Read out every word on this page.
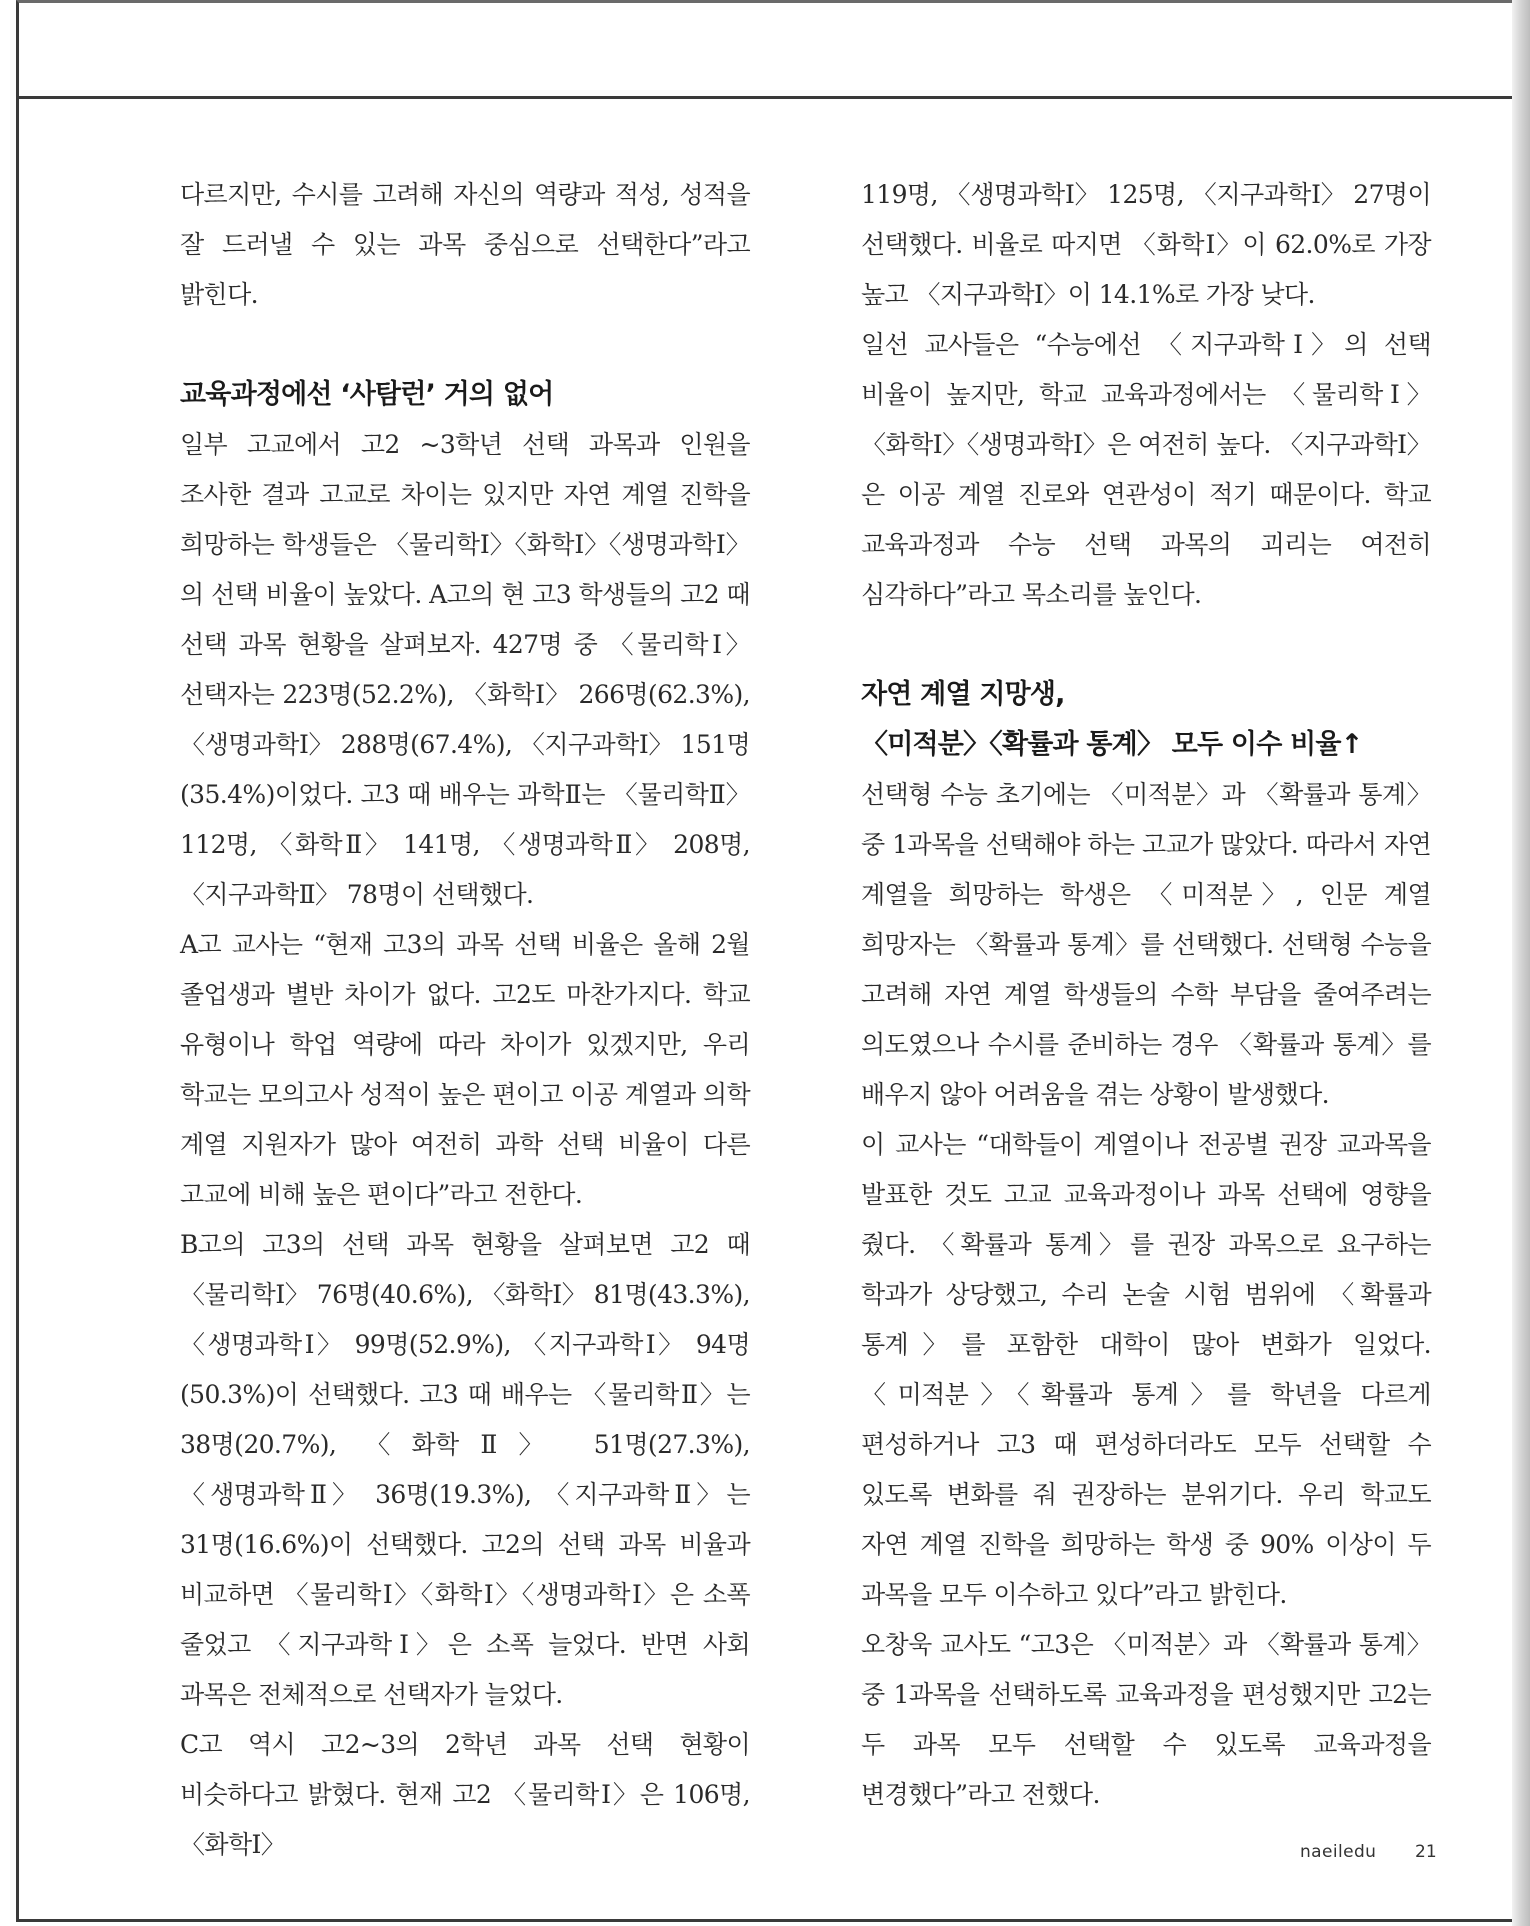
다르지만, 수시를 고려해 자신의 역량과 적성, 성적을 잘 드러낼 수 있는 과목 중심으로 선택한다”라고 밝힌다.

교육과정에선 ‘사탐런’ 거의 없어

일부 고교에서 고2 ~3학년 선택 과목과 인원을 조사한 결과 고교로 차이는 있지만 자연 계열 진학을 희망하는 학생들은 〈물리학Ⅰ〉〈화학Ⅰ〉〈생명과학Ⅰ〉의 선택 비율이 높았다. A고의 현 고3 학생들의 고2 때 선택 과목 현황을 살펴보자. 427명 중 〈물리학Ⅰ〉 선택자는 223명(52.2%), 〈화학Ⅰ〉 266명(62.3%), 〈생명과학Ⅰ〉 288명(67.4%), 〈지구과학Ⅰ〉 151명(35.4%)이었다. 고3 때 배우는 과학Ⅱ는 〈물리학Ⅱ〉 112명, 〈화학Ⅱ〉 141명, 〈생명과학Ⅱ〉 208명, 〈지구과학Ⅱ〉 78명이 선택했다.

A고 교사는 “현재 고3의 과목 선택 비율은 올해 2월 졸업생과 별반 차이가 없다. 고2도 마찬가지다. 학교 유형이나 학업 역량에 따라 차이가 있겠지만, 우리 학교는 모의고사 성적이 높은 편이고 이공 계열과 의학 계열 지원자가 많아 여전히 과학 선택 비율이 다른 고교에 비해 높은 편이다”라고 전한다.

B고의 고3의 선택 과목 현황을 살펴보면 고2 때 〈물리학Ⅰ〉 76명(40.6%), 〈화학Ⅰ〉 81명(43.3%), 〈생명과학Ⅰ〉 99명(52.9%), 〈지구과학Ⅰ〉 94명(50.3%)이 선택했다. 고3 때 배우는 〈물리학Ⅱ〉는 38명(20.7%), 〈화학Ⅱ〉 51명(27.3%), 〈생명과학Ⅱ〉 36명(19.3%), 〈지구과학Ⅱ〉는 31명(16.6%)이 선택했다. 고2의 선택 과목 비율과 비교하면 〈물리학Ⅰ〉〈화학Ⅰ〉〈생명과학Ⅰ〉은 소폭 줄었고 〈지구과학Ⅰ〉은 소폭 늘었다. 반면 사회 과목은 전체적으로 선택자가 늘었다.

C고 역시 고2~3의 2학년 과목 선택 현황이 비슷하다고 밝혔다. 현재 고2 〈물리학Ⅰ〉은 106명, 〈화학Ⅰ〉

119명, 〈생명과학Ⅰ〉 125명, 〈지구과학Ⅰ〉 27명이 선택했다. 비율로 따지면 〈화학Ⅰ〉이 62.0%로 가장 높고 〈지구과학Ⅰ〉이 14.1%로 가장 낮다.

일선 교사들은 “수능에선 〈지구과학Ⅰ〉의 선택 비율이 높지만, 학교 교육과정에서는 〈물리학Ⅰ〉〈화학Ⅰ〉〈생명과학Ⅰ〉은 여전히 높다. 〈지구과학Ⅰ〉은 이공 계열 진로와 연관성이 적기 때문이다. 학교 교육과정과 수능 선택 과목의 괴리는 여전히 심각하다”라고 목소리를 높인다.

자연 계열 지망생,
〈미적분〉〈확률과 통계〉 모두 이수 비율↑

선택형 수능 초기에는 〈미적분〉과 〈확률과 통계〉 중 1과목을 선택해야 하는 고교가 많았다. 따라서 자연 계열을 희망하는 학생은 〈미적분〉, 인문 계열 희망자는 〈확률과 통계〉를 선택했다. 선택형 수능을 고려해 자연 계열 학생들의 수학 부담을 줄여주려는 의도였으나 수시를 준비하는 경우 〈확률과 통계〉를 배우지 않아 어려움을 겪는 상황이 발생했다.

이 교사는 “대학들이 계열이나 전공별 권장 교과목을 발표한 것도 고교 교육과정이나 과목 선택에 영향을 줬다. 〈확률과 통계〉를 권장 과목으로 요구하는 학과가 상당했고, 수리 논술 시험 범위에 〈확률과 통계〉를 포함한 대학이 많아 변화가 일었다. 〈미적분〉〈확률과 통계〉를 학년을 다르게 편성하거나 고3 때 편성하더라도 모두 선택할 수 있도록 변화를 줘 권장하는 분위기다. 우리 학교도 자연 계열 진학을 희망하는 학생 중 90% 이상이 두 과목을 모두 이수하고 있다”라고 밝힌다.

오창욱 교사도 “고3은 〈미적분〉과 〈확률과 통계〉 중 1과목을 선택하도록 교육과정을 편성했지만 고2는 두 과목 모두 선택할 수 있도록 교육과정을 변경했다”라고 전했다.

naeiledu 21
